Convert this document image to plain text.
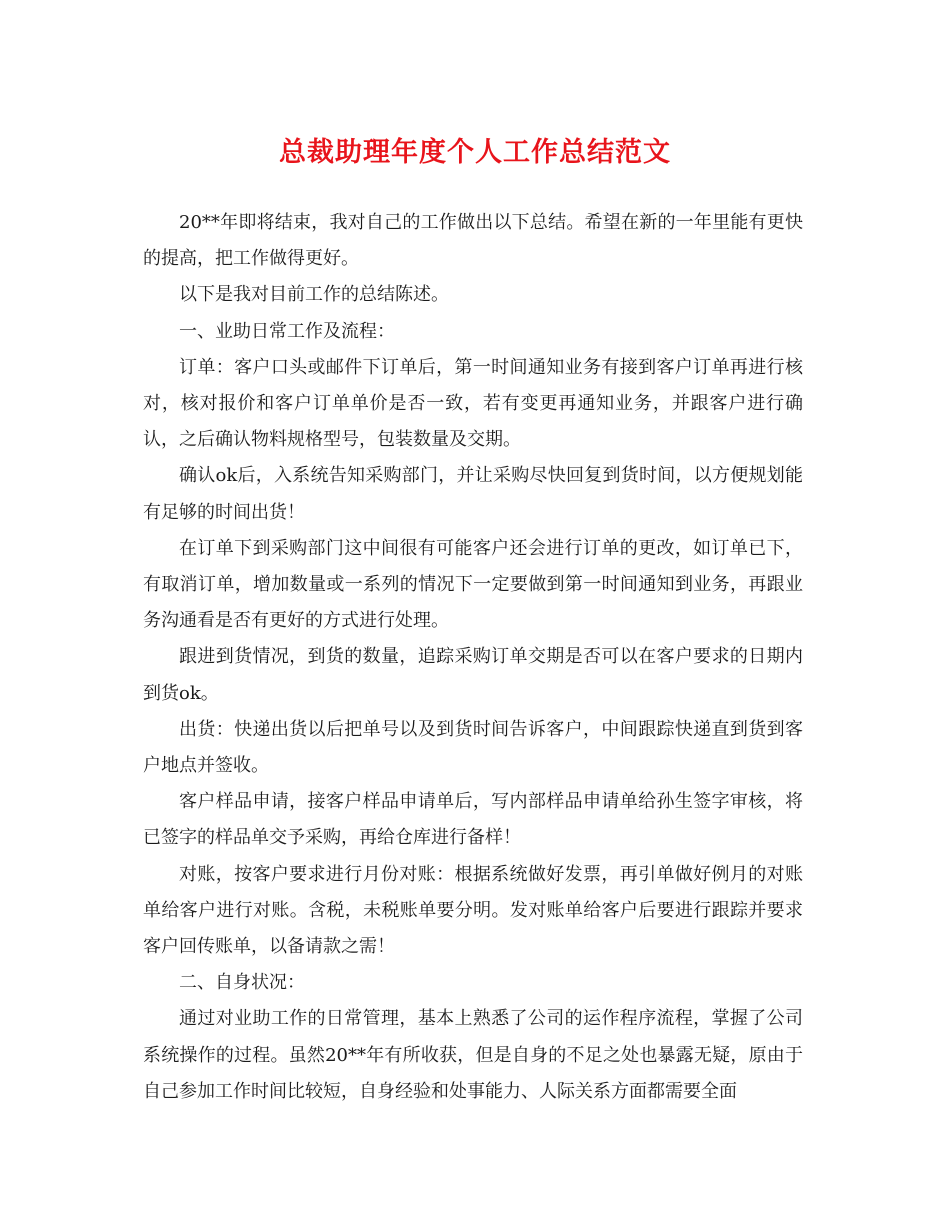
总裁助理年度个人工作总结范文

20**年即将结束，我对自己的工作做出以下总结。希望在新的一年里能有更快的提高，把工作做得更好。

以下是我对目前工作的总结陈述。

一、业助日常工作及流程：

订单：客户口头或邮件下订单后，第一时间通知业务有接到客户订单再进行核对，核对报价和客户订单单价是否一致，若有变更再通知业务，并跟客户进行确认，之后确认物料规格型号，包装数量及交期。

确认ok后，入系统告知采购部门，并让采购尽快回复到货时间，以方便规划能有足够的时间出货！

在订单下到采购部门这中间很有可能客户还会进行订单的更改，如订单已下，有取消订单，增加数量或一系列的情况下一定要做到第一时间通知到业务，再跟业务沟通看是否有更好的方式进行处理。

跟进到货情况，到货的数量，追踪采购订单交期是否可以在客户要求的日期内到货ok。

出货：快递出货以后把单号以及到货时间告诉客户，中间跟踪快递直到货到客户地点并签收。

客户样品申请，接客户样品申请单后，写内部样品申请单给孙生签字审核，将已签字的样品单交予采购，再给仓库进行备样！

对账，按客户要求进行月份对账：根据系统做好发票，再引单做好例月的对账单给客户进行对账。含税，未税账单要分明。发对账单给客户后要进行跟踪并要求客户回传账单，以备请款之需！

二、自身状况：

通过对业助工作的日常管理，基本上熟悉了公司的运作程序流程，掌握了公司系统操作的过程。虽然20**年有所收获，但是自身的不足之处也暴露无疑，原由于自己参加工作时间比较短，自身经验和处事能力、人际关系方面都需要全面
